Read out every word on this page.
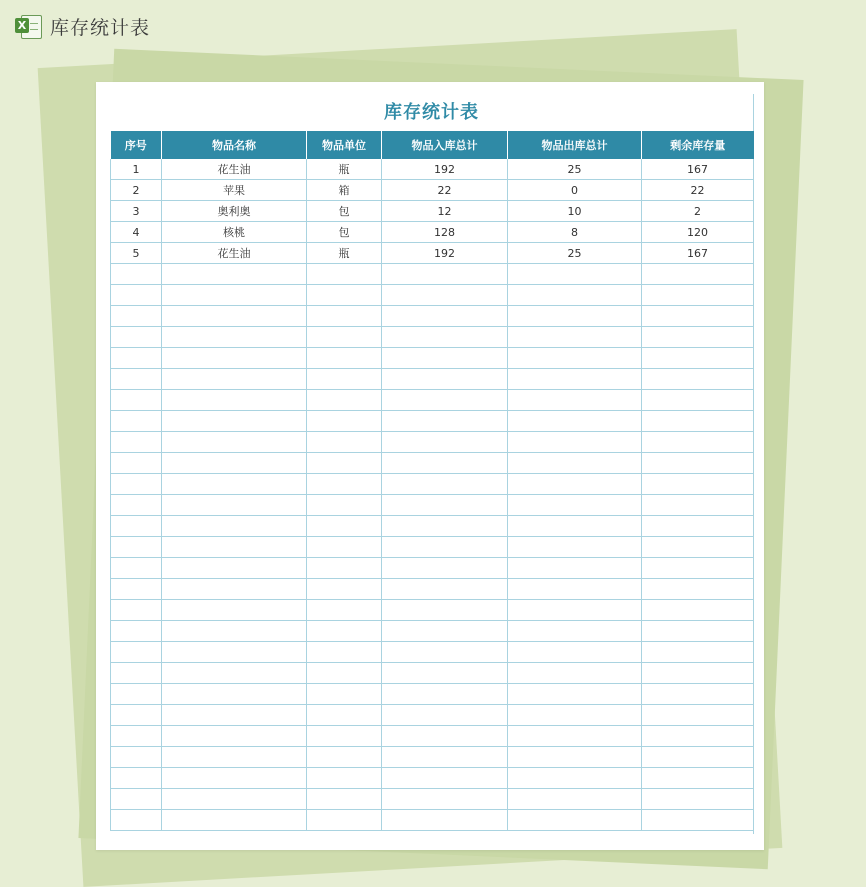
X 库存统计表
库存统计表
序号	物品名称	物品单位	物品入库总计	物品出库总计	剩余库存量
1	花生油	瓶	192	25	167
2	苹果	箱	22	0	22
3	奥利奥	包	12	10	2
4	核桃	包	128	8	120
5	花生油	瓶	192	25	167
